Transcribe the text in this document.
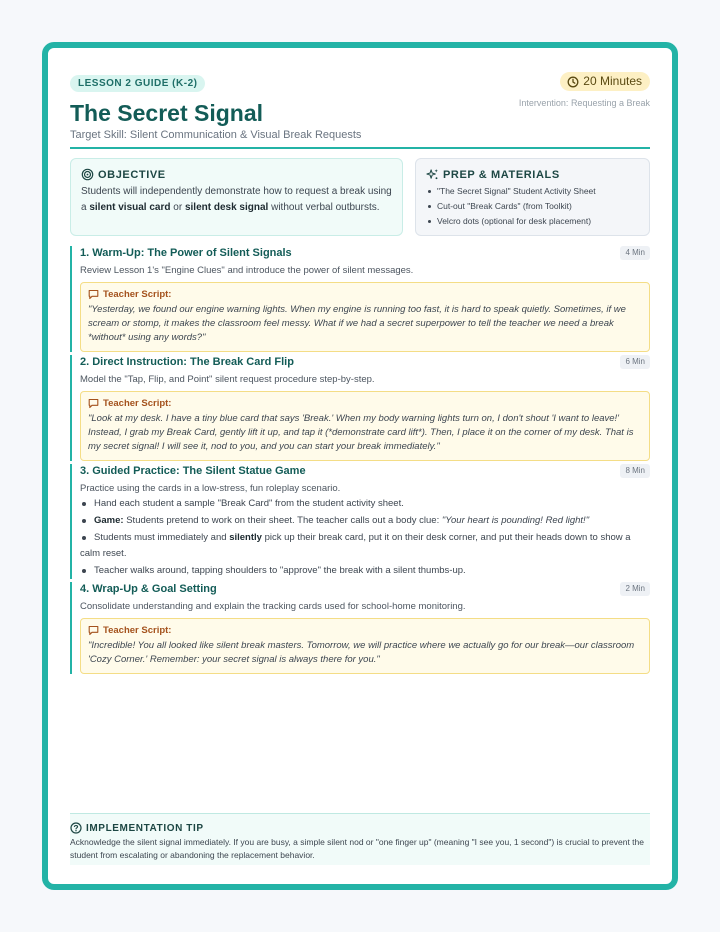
LESSON 2 GUIDE (K-2)	20 Minutes
Intervention: Requesting a Break
The Secret Signal
Target Skill: Silent Communication & Visual Break Requests
OBJECTIVE
Students will independently demonstrate how to request a break using a silent visual card or silent desk signal without verbal outbursts.
PREP & MATERIALS
"The Secret Signal" Student Activity Sheet
Cut-out "Break Cards" (from Toolkit)
Velcro dots (optional for desk placement)
1. Warm-Up: The Power of Silent Signals	4 Min
Review Lesson 1's "Engine Clues" and introduce the power of silent messages.
Teacher Script:
"Yesterday, we found our engine warning lights. When my engine is running too fast, it is hard to speak quietly. Sometimes, if we scream or stomp, it makes the classroom feel messy. What if we had a secret superpower to tell the teacher we need a break *without* using any words?"
2. Direct Instruction: The Break Card Flip	6 Min
Model the "Tap, Flip, and Point" silent request procedure step-by-step.
Teacher Script:
"Look at my desk. I have a tiny blue card that says 'Break.' When my body warning lights turn on, I don't shout 'I want to leave!' Instead, I grab my Break Card, gently lift it up, and tap it (*demonstrate card lift*). Then, I place it on the corner of my desk. That is my secret signal! I will see it, nod to you, and you can start your break immediately."
3. Guided Practice: The Silent Statue Game	8 Min
Practice using the cards in a low-stress, fun roleplay scenario.
Hand each student a sample "Break Card" from the student activity sheet.
Game: Students pretend to work on their sheet. The teacher calls out a body clue: "Your heart is pounding! Red light!"
Students must immediately and silently pick up their break card, put it on their desk corner, and put their heads down to show a calm reset.
Teacher walks around, tapping shoulders to "approve" the break with a silent thumbs-up.
4. Wrap-Up & Goal Setting	2 Min
Consolidate understanding and explain the tracking cards used for school-home monitoring.
Teacher Script:
"Incredible! You all looked like silent break masters. Tomorrow, we will practice where we actually go for our break—our classroom 'Cozy Corner.' Remember: your secret signal is always there for you."
IMPLEMENTATION TIP
Acknowledge the silent signal immediately. If you are busy, a simple silent nod or "one finger up" (meaning "I see you, 1 second") is crucial to prevent the student from escalating or abandoning the replacement behavior.
